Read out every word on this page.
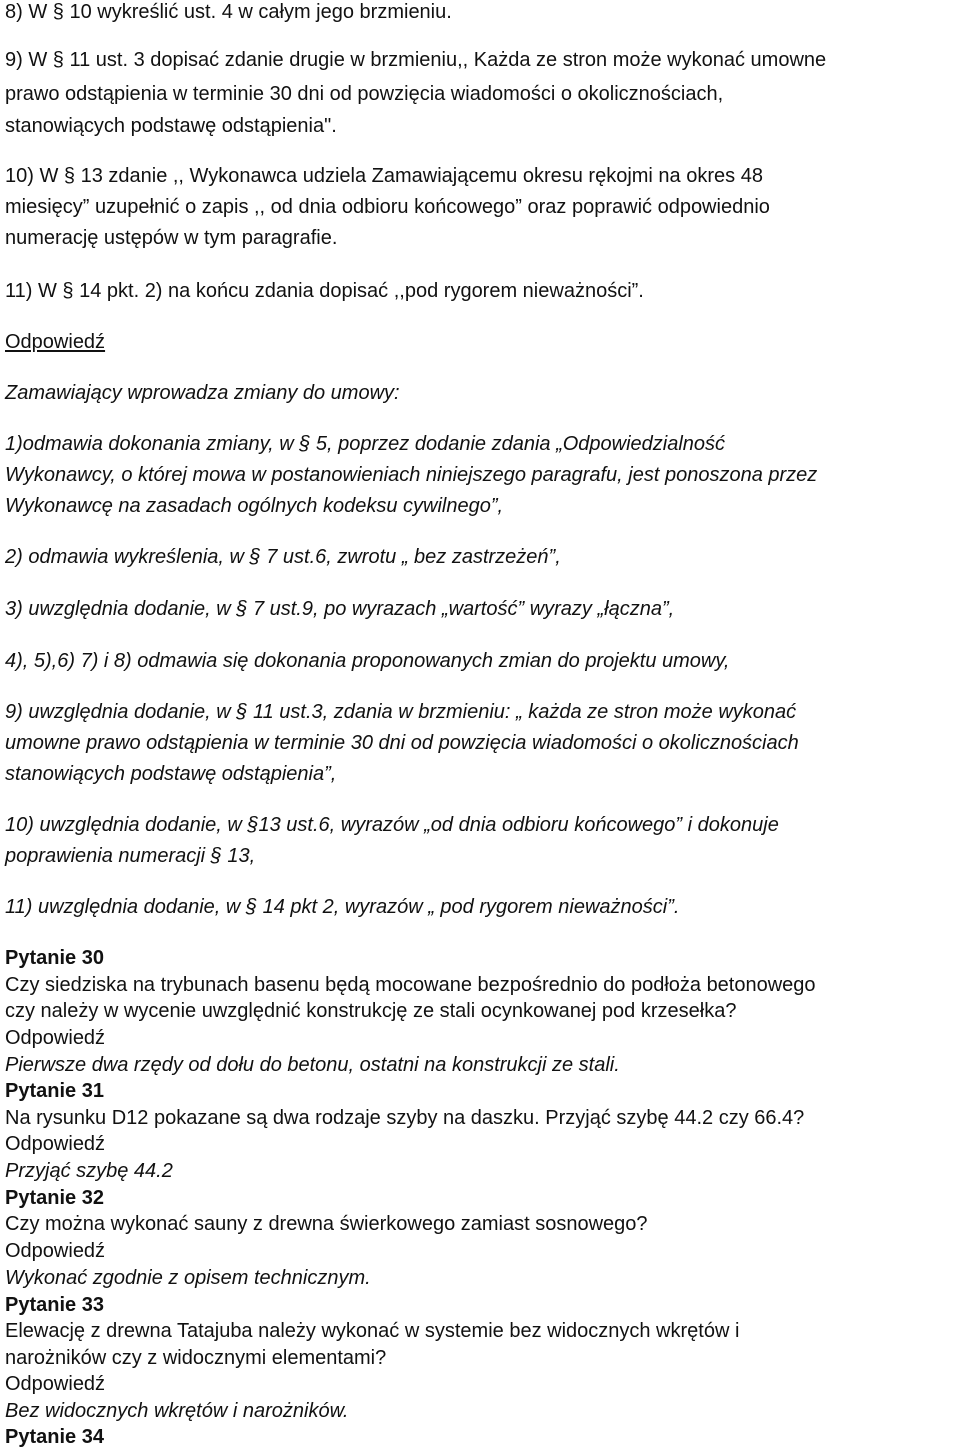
8) W § 10 wykreślić ust. 4 w całym jego brzmieniu.

9) W § 11 ust. 3 dopisać zdanie drugie w brzmieniu,, Każda ze stron może wykonać umowne

prawo odstąpienia w terminie 30 dni od powzięcia wiadomości o okolicznościach,

stanowiących podstawę odstąpienia".

10) W § 13 zdanie ,, Wykonawca udziela Zamawiającemu okresu rękojmi na okres 48

miesięcy” uzupełnić o zapis ,, od dnia odbioru końcowego” oraz poprawić odpowiednio

numerację ustępów w tym paragrafie.

11) W § 14 pkt. 2) na końcu zdania dopisać ,,pod rygorem nieważności”.

Odpowiedź

Zamawiający wprowadza zmiany do umowy:

1)odmawia dokonania zmiany, w § 5, poprzez dodanie zdania „Odpowiedzialność

Wykonawcy, o której mowa w postanowieniach niniejszego paragrafu, jest ponoszona przez

Wykonawcę na zasadach ogólnych kodeksu cywilnego”,

2) odmawia wykreślenia, w § 7 ust.6, zwrotu „ bez zastrzeżeń”,

3) uwzględnia dodanie, w § 7 ust.9, po wyrazach „wartość” wyrazy „łączna”,

4), 5),6) 7) i 8) odmawia się dokonania proponowanych zmian do projektu umowy,

9) uwzględnia dodanie, w § 11 ust.3, zdania w brzmieniu: „ każda ze stron może wykonać

umowne prawo odstąpienia w terminie 30 dni od powzięcia wiadomości o okolicznościach

stanowiących podstawę odstąpienia”,

10) uwzględnia dodanie, w §13 ust.6, wyrazów „od dnia odbioru końcowego” i dokonuje

poprawienia numeracji § 13,

11) uwzględnia dodanie, w § 14 pkt 2, wyrazów „ pod rygorem nieważności”.

Pytanie 30

Czy siedziska na trybunach basenu będą mocowane bezpośrednio do podłoża betonowego

czy należy w wycenie uwzględnić konstrukcję ze stali ocynkowanej pod krzesełka?

Odpowiedź

Pierwsze dwa rzędy od dołu do betonu, ostatni na konstrukcji ze stali.

Pytanie 31

Na rysunku D12 pokazane są dwa rodzaje szyby na daszku. Przyjąć szybę 44.2 czy 66.4?

Odpowiedź

Przyjąć szybę 44.2

Pytanie 32

Czy można wykonać sauny z drewna świerkowego zamiast sosnowego?

Odpowiedź

Wykonać zgodnie z opisem technicznym.

Pytanie 33

Elewację z drewna Tatajuba należy wykonać w systemie bez widocznych wkrętów i

narożników czy z widocznymi elementami?

Odpowiedź

Bez widocznych wkrętów i narożników.

Pytanie 34
